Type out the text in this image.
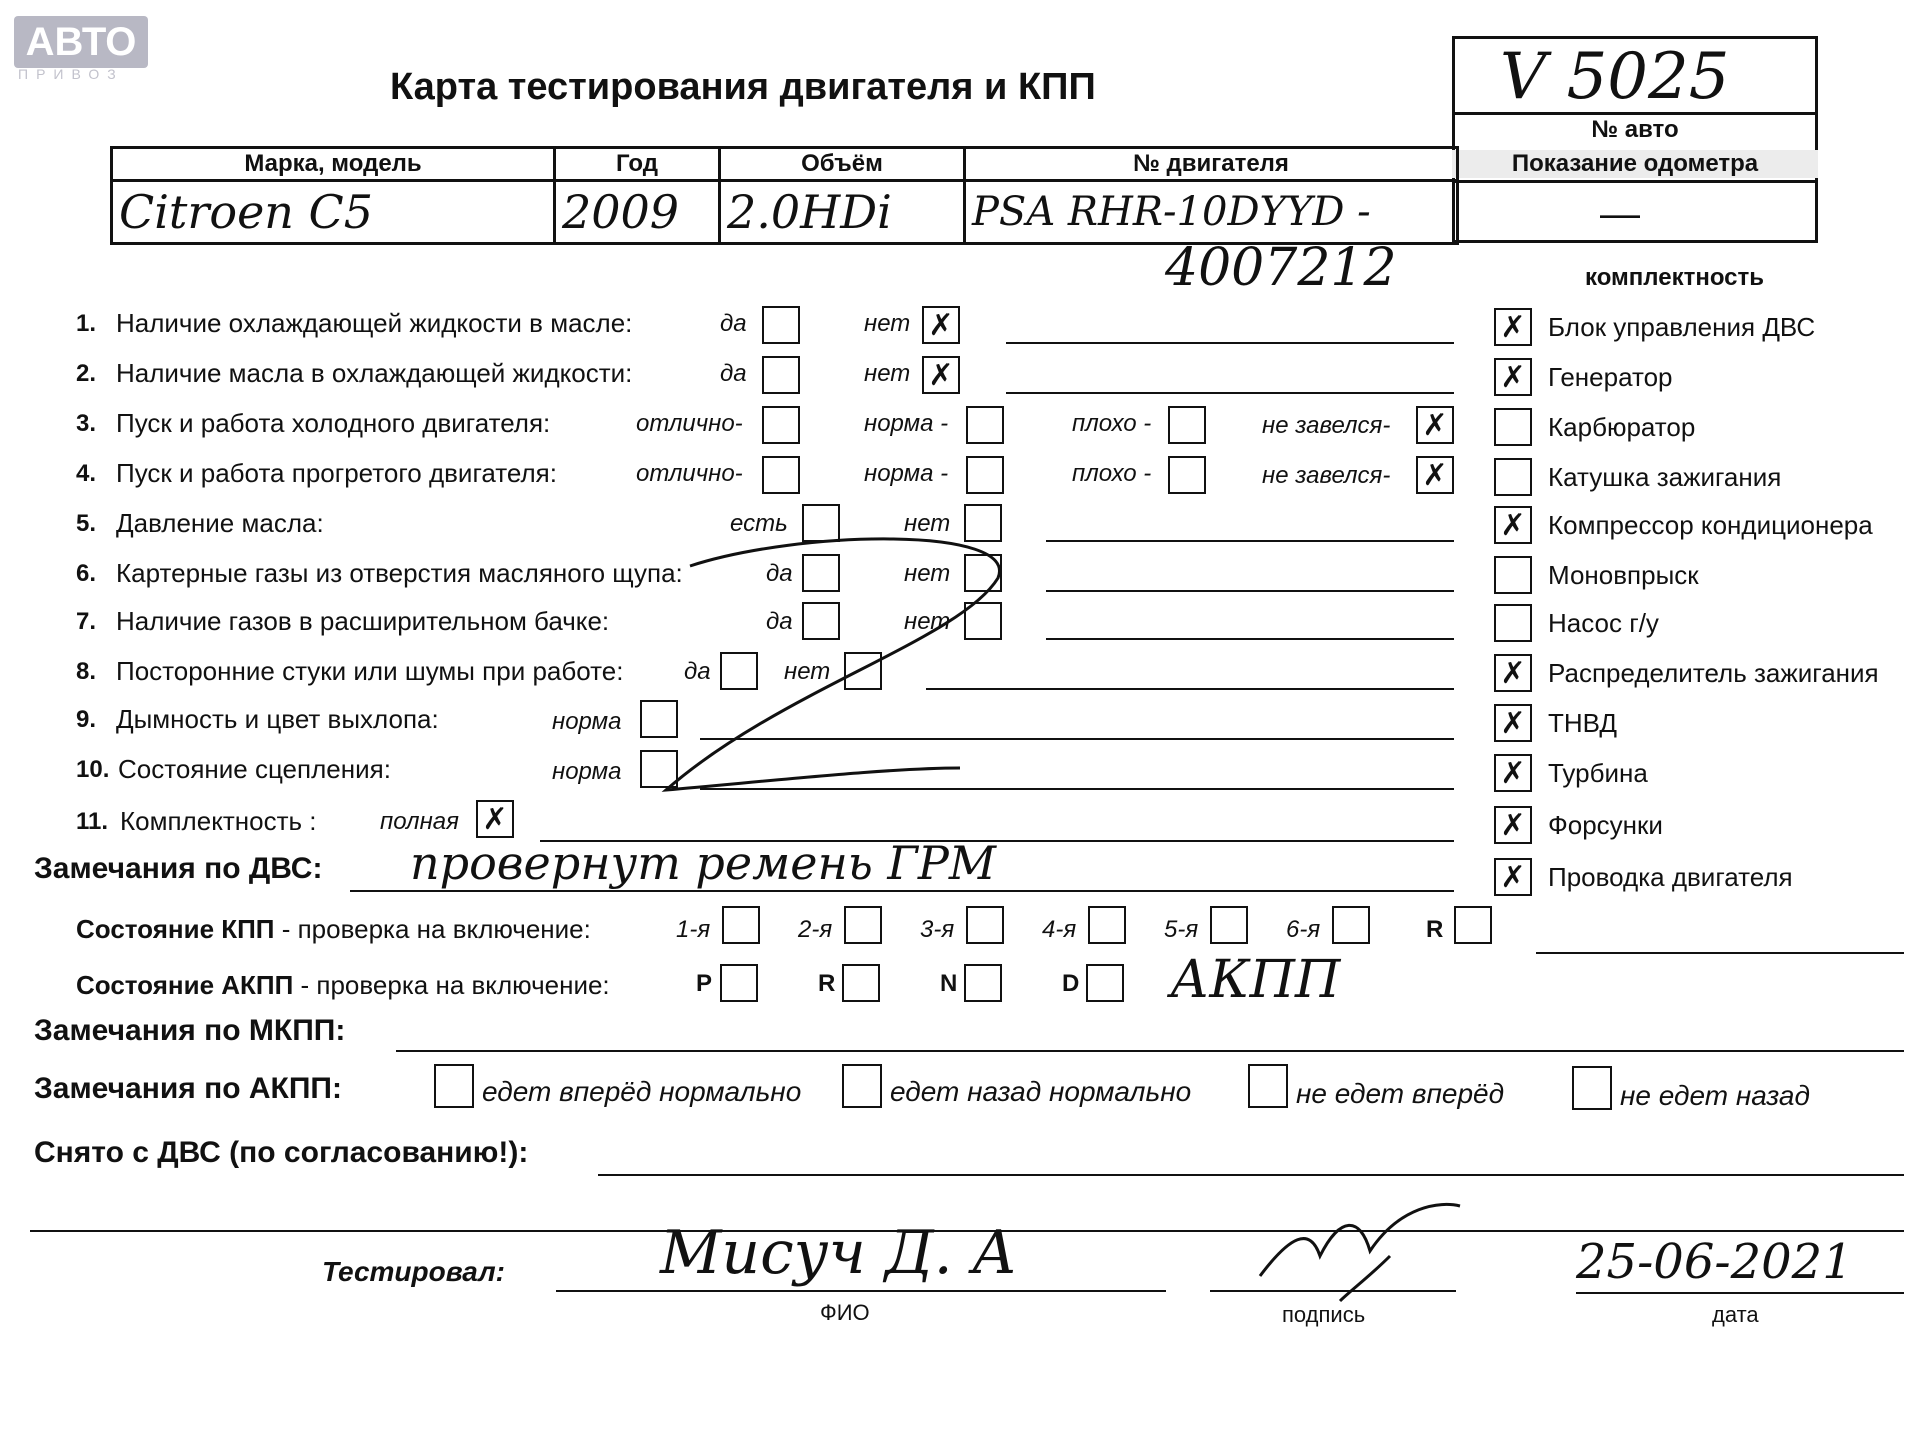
АВТО
ПРИВОЗ	Карта тестирования двигателя и КПП	V 5025
№ авто
Показание одометра
—
Марка, модель	Год	Объём	№ двигателя
Citroen C5	2009	2.0HDi	PSA RHR-10DYYD -
4007212
1. Наличие охлаждающей жидкости в масле:	да	нет ✗
2. Наличие масла в охлаждающей жидкости:	да	нет ✗
3. Пуск и работа холодного двигателя:	отлично-	норма -	плохо -	не завелся- ✗
4. Пуск и работа прогретого двигателя:	отлично-	норма -	плохо -	не завелся- ✗
5. Давление масла:	есть	нет
6. Картерные газы из отверстия масляного щупа:	да	нет
7. Наличие газов в расширительном бачке:	да	нет
8. Посторонние стуки или шумы при работе:	да	нет
9. Дымность и цвет выхлопа:	норма
10. Состояние сцепления:	норма
11. Комплектность :	полная ✗
комплектность
✗ Блок управления ДВС
✗ Генератор
Карбюратор
Катушка зажигания
✗ Компрессор кондиционера
Моновпрыск
Насос г/у
✗ Распределитель зажигания
✗ ТНВД
✗ Турбина
✗ Форсунки
✗ Проводка двигателя
Замечания по ДВС: провернут ремень ГРМ
Состояние КПП - проверка на включение:	1-я	2-я	3-я	4-я	5-я	6-я	R
Состояние АКПП - проверка на включение:	P	R	N	D АКПП
Замечания по МКПП:
Замечания по АКПП:	едет вперёд нормально	едет назад нормально	не едет вперёд	не едет назад
Снято с ДВС (по согласованию!):
Тестировал:	Мисуч Д. А
ФИО	подпись
25-06-2021
дата
